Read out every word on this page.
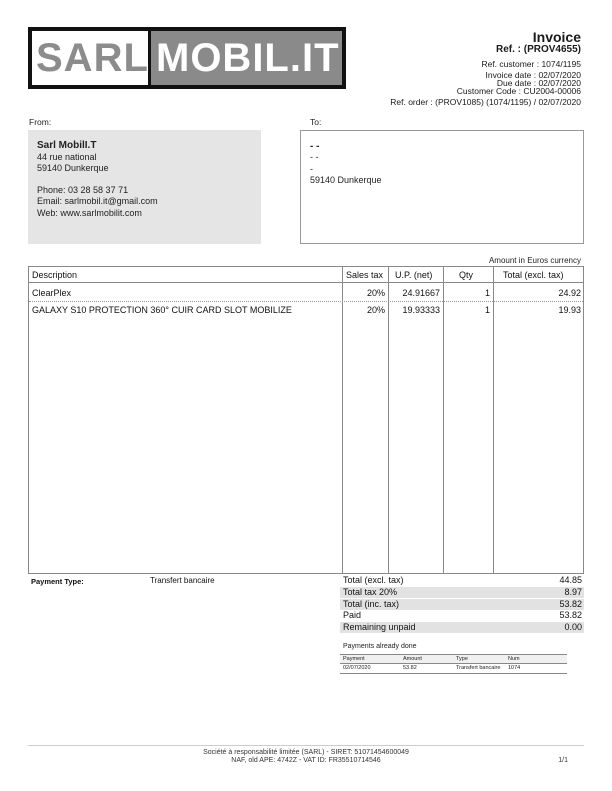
SARL MOBIL.IT	Invoice
Ref. : (PROV4655)
Ref. customer : 1074/1195
Invoice date : 02/07/2020
Due date : 02/07/2020
Customer Code : CU2004-00006
Ref. order : (PROV1085) (1074/1195) / 02/07/2020
From:	To:
Sarl MobilI.T
44 rue national
59140 Dunkerque
Phone: 03 28 58 37 71
Email: sarlmobil.it@gmail.com
Web: www.sarlmobilit.com
- -
- -
-
59140 Dunkerque
Amount in Euros currency
Description	Sales tax U.P. (net)	Qty	Total (excl. tax)
ClearPlex	20% 24.91667	1	24.92
GALAXY S10 PROTECTION 360° CUIR CARD SLOT MOBILIZE	20% 19.93333	1	19.93
Payment Type:	Transfert bancaire	Total (excl. tax)	44.85
Total tax 20%	8.97
Total (inc. tax)	53.82
Paid	53.82
Remaining unpaid	0.00
Payments already done
Payment	Amount	Type	Num
02/07/2020	53.82	Transfert bancaire 1074
Société à responsabilité limitée (SARL) - SIRET: 51071454600049
NAF, old APE: 4742Z - VAT ID: FR35510714546	1/1
